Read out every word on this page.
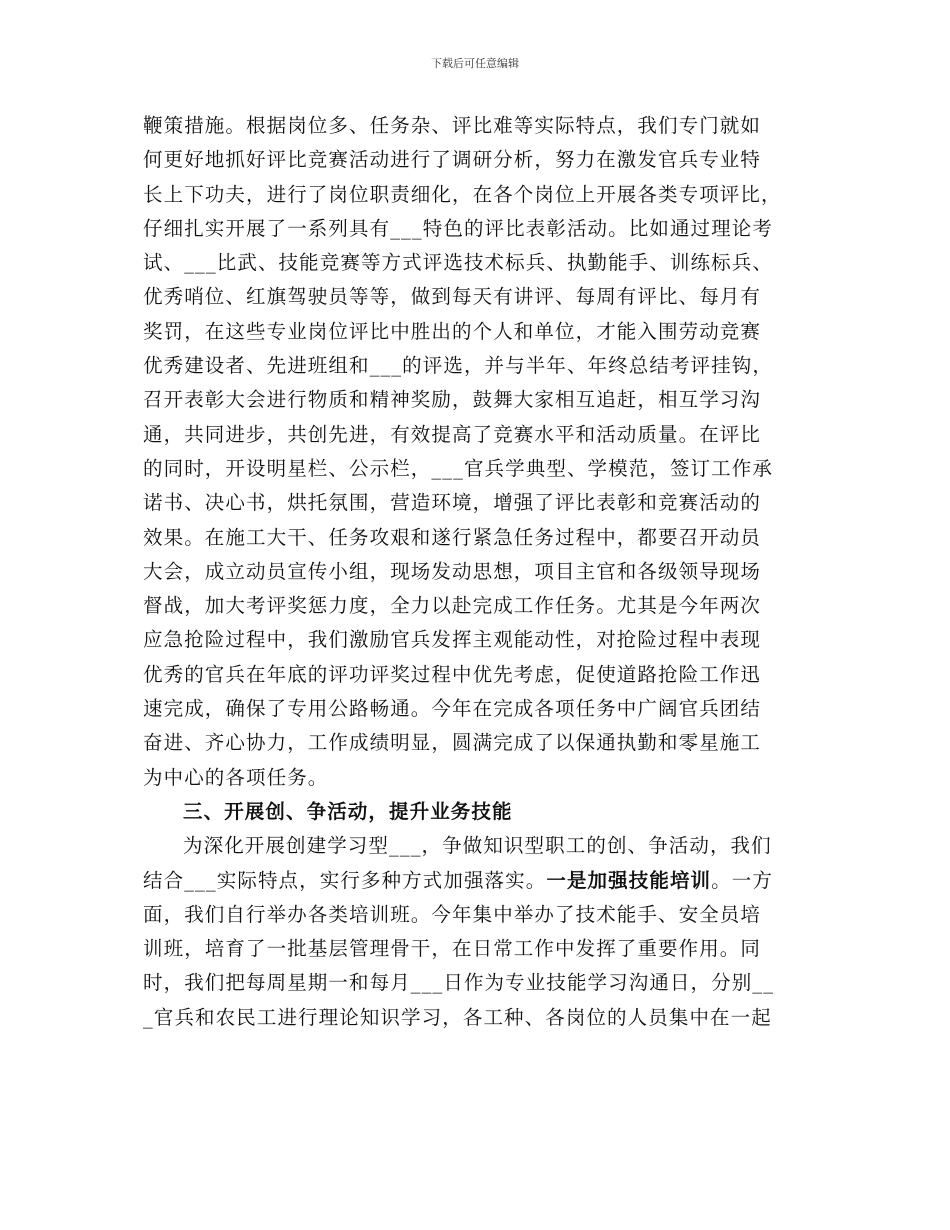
下载后可任意编辑
鞭策措施。根据岗位多、任务杂、评比难等实际特点，我们专门就如
何更好地抓好评比竞赛活动进行了调研分析，努力在激发官兵专业特
长上下功夫，进行了岗位职责细化，在各个岗位上开展各类专项评比，
仔细扎实开展了一系列具有___特色的评比表彰活动。比如通过理论考
试、___比武、技能竞赛等方式评选技术标兵、执勤能手、训练标兵、
优秀哨位、红旗驾驶员等等，做到每天有讲评、每周有评比、每月有
奖罚，在这些专业岗位评比中胜出的个人和单位，才能入围劳动竞赛
优秀建设者、先进班组和___的评选，并与半年、年终总结考评挂钩，
召开表彰大会进行物质和精神奖励，鼓舞大家相互追赶，相互学习沟
通，共同进步，共创先进，有效提高了竞赛水平和活动质量。在评比
的同时，开设明星栏、公示栏，___官兵学典型、学模范，签订工作承
诺书、决心书，烘托氛围，营造环境，增强了评比表彰和竞赛活动的
效果。在施工大干、任务攻艰和遂行紧急任务过程中，都要召开动员
大会，成立动员宣传小组，现场发动思想，项目主官和各级领导现场
督战，加大考评奖惩力度，全力以赴完成工作任务。尤其是今年两次
应急抢险过程中，我们激励官兵发挥主观能动性，对抢险过程中表现
优秀的官兵在年底的评功评奖过程中优先考虑，促使道路抢险工作迅
速完成，确保了专用公路畅通。今年在完成各项任务中广阔官兵团结
奋进、齐心协力，工作成绩明显，圆满完成了以保通执勤和零星施工
为中心的各项任务。
三、开展创、争活动，提升业务技能
为深化开展创建学习型___，争做知识型职工的创、争活动，我们
结合___实际特点，实行多种方式加强落实。一是加强技能培训。一方
面，我们自行举办各类培训班。今年集中举办了技术能手、安全员培
训班，培育了一批基层管理骨干，在日常工作中发挥了重要作用。同
时，我们把每周星期一和每月___日作为专业技能学习沟通日，分别__
_官兵和农民工进行理论知识学习，各工种、各岗位的人员集中在一起
